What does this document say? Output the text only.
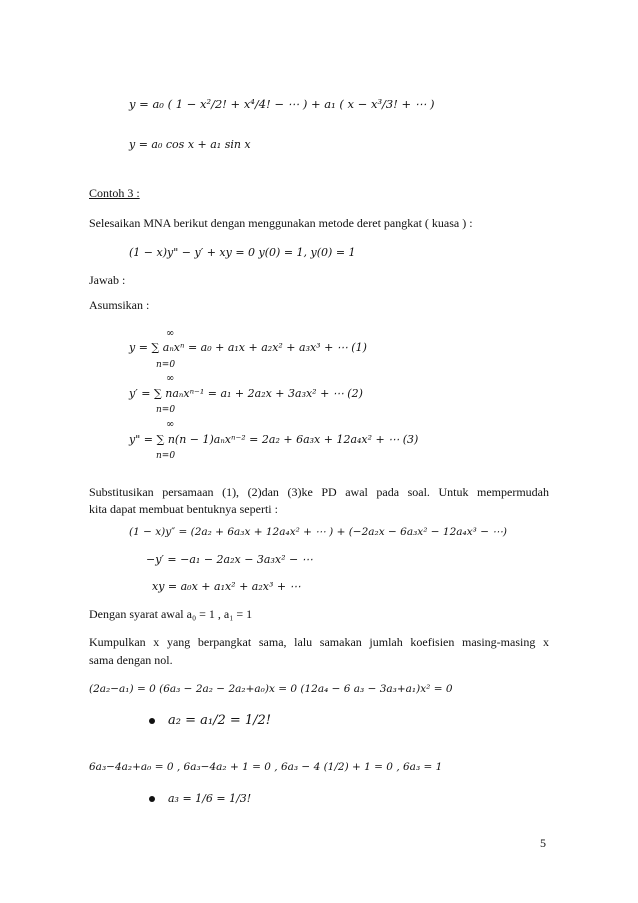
y = a₀ ( 1 − x²/2! + x⁴/4! − ⋯ ) + a₁ ( x − x³/3! + ⋯ )
y = a₀ cos x + a₁ sin x
Contoh 3 :
Selesaikan MNA berikut dengan menggunakan metode deret pangkat ( kuasa ) :
(1 − x)y" − y′ + xy = 0 y(0) = 1, y(0) = 1
Jawab :
Asumsikan :
∞
n=0
y = ∑ aₙxⁿ = a₀ + a₁x + a₂x² + a₃x³ + ⋯ (1)
∞
n=0
y′ = ∑ naₙxⁿ⁻¹ = a₁ + 2a₂x + 3a₃x² + ⋯ (2)
∞
n=0
y" = ∑ n(n − 1)aₙxⁿ⁻² = 2a₂ + 6a₃x + 12a₄x² + ⋯ (3)
Substitusikan persamaan (1), (2)dan (3)ke PD awal pada soal. Untuk mempermudah
kita dapat membuat bentuknya seperti :
(1 − x)y″ = (2a₂ + 6a₃x + 12a₄x² + ⋯ ) + (−2a₂x − 6a₃x² − 12a₄x³ − ⋯)
−y′ = −a₁ − 2a₂x − 3a₃x² − ⋯
xy = a₀x + a₁x² + a₂x³ + ⋯
Dengan syarat awal a₀ = 1 , a₁ = 1
Kumpulkan x yang berpangkat sama, lalu samakan jumlah koefisien masing-masing x
sama dengan nol.
(2a₂−a₁) = 0 (6a₃ − 2a₂ − 2a₂+a₀)x = 0 (12a₄ − 6 a₃ − 3a₃+a₁)x² = 0
a₂ = a₁/2 = 1/2!
6a₃−4a₂+a₀ = 0 , 6a₃−4a₂ + 1 = 0 , 6a₃ − 4 (1/2) + 1 = 0 , 6a₃ = 1
a₃ = 1/6 = 1/3!
5
